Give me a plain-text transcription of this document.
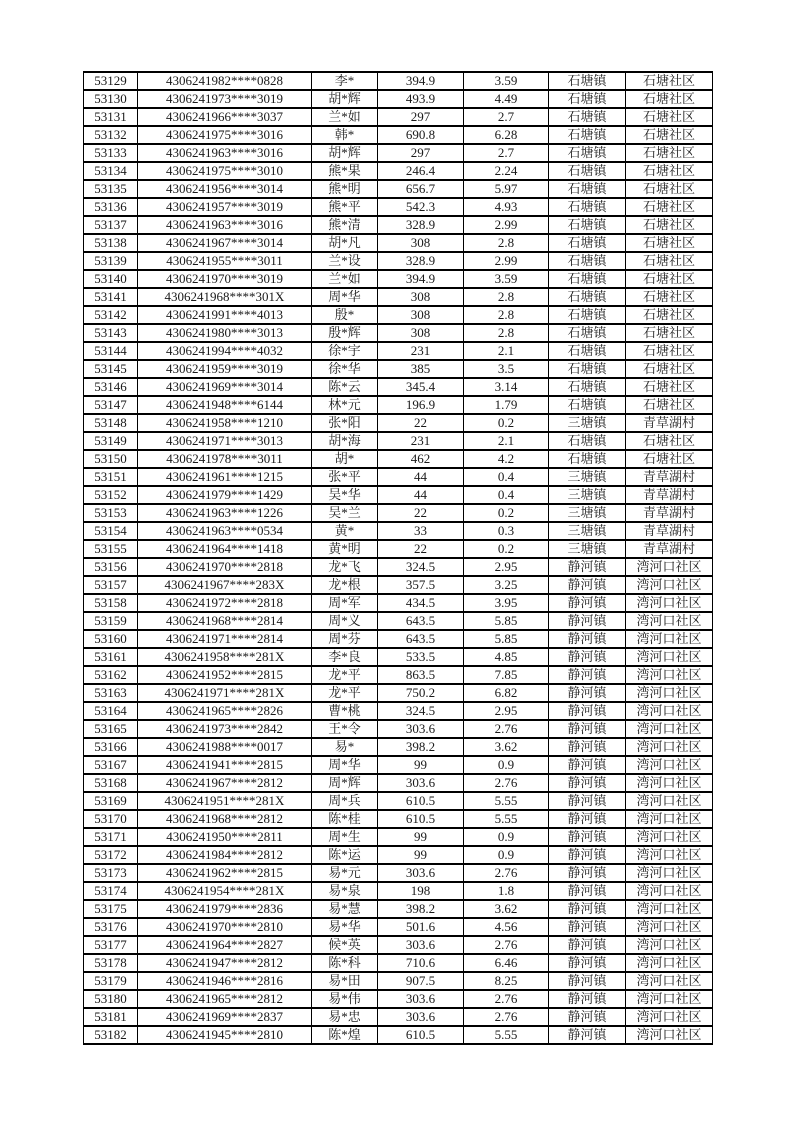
53129	4306241982****0828	李*	394.9	3.59	石塘镇	石塘社区
53130	4306241973****3019	胡*辉	493.9	4.49	石塘镇	石塘社区
53131	4306241966****3037	兰*如	297	2.7	石塘镇	石塘社区
53132	4306241975****3016	韩*	690.8	6.28	石塘镇	石塘社区
53133	4306241963****3016	胡*辉	297	2.7	石塘镇	石塘社区
53134	4306241975****3010	熊*果	246.4	2.24	石塘镇	石塘社区
53135	4306241956****3014	熊*明	656.7	5.97	石塘镇	石塘社区
53136	4306241957****3019	熊*平	542.3	4.93	石塘镇	石塘社区
53137	4306241963****3016	熊*清	328.9	2.99	石塘镇	石塘社区
53138	4306241967****3014	胡*凡	308	2.8	石塘镇	石塘社区
53139	4306241955****3011	兰*设	328.9	2.99	石塘镇	石塘社区
53140	4306241970****3019	兰*如	394.9	3.59	石塘镇	石塘社区
53141	4306241968****301X	周*华	308	2.8	石塘镇	石塘社区
53142	4306241991****4013	殷*	308	2.8	石塘镇	石塘社区
53143	4306241980****3013	殷*辉	308	2.8	石塘镇	石塘社区
53144	4306241994****4032	徐*宇	231	2.1	石塘镇	石塘社区
53145	4306241959****3019	徐*华	385	3.5	石塘镇	石塘社区
53146	4306241969****3014	陈*云	345.4	3.14	石塘镇	石塘社区
53147	4306241948****6144	林*元	196.9	1.79	石塘镇	石塘社区
53148	4306241958****1210	张*阳	22	0.2	三塘镇	青草湖村
53149	4306241971****3013	胡*海	231	2.1	石塘镇	石塘社区
53150	4306241978****3011	胡*	462	4.2	石塘镇	石塘社区
53151	4306241961****1215	张*平	44	0.4	三塘镇	青草湖村
53152	4306241979****1429	吴*华	44	0.4	三塘镇	青草湖村
53153	4306241963****1226	吴*兰	22	0.2	三塘镇	青草湖村
53154	4306241963****0534	黄*	33	0.3	三塘镇	青草湖村
53155	4306241964****1418	黄*明	22	0.2	三塘镇	青草湖村
53156	4306241970****2818	龙*飞	324.5	2.95	静河镇	湾河口社区
53157	4306241967****283X	龙*根	357.5	3.25	静河镇	湾河口社区
53158	4306241972****2818	周*军	434.5	3.95	静河镇	湾河口社区
53159	4306241968****2814	周*义	643.5	5.85	静河镇	湾河口社区
53160	4306241971****2814	周*芬	643.5	5.85	静河镇	湾河口社区
53161	4306241958****281X	李*良	533.5	4.85	静河镇	湾河口社区
53162	4306241952****2815	龙*平	863.5	7.85	静河镇	湾河口社区
53163	4306241971****281X	龙*平	750.2	6.82	静河镇	湾河口社区
53164	4306241965****2826	曹*桃	324.5	2.95	静河镇	湾河口社区
53165	4306241973****2842	王*令	303.6	2.76	静河镇	湾河口社区
53166	4306241988****0017	易*	398.2	3.62	静河镇	湾河口社区
53167	4306241941****2815	周*华	99	0.9	静河镇	湾河口社区
53168	4306241967****2812	周*辉	303.6	2.76	静河镇	湾河口社区
53169	4306241951****281X	周*兵	610.5	5.55	静河镇	湾河口社区
53170	4306241968****2812	陈*桂	610.5	5.55	静河镇	湾河口社区
53171	4306241950****2811	周*生	99	0.9	静河镇	湾河口社区
53172	4306241984****2812	陈*运	99	0.9	静河镇	湾河口社区
53173	4306241962****2815	易*元	303.6	2.76	静河镇	湾河口社区
53174	4306241954****281X	易*泉	198	1.8	静河镇	湾河口社区
53175	4306241979****2836	易*慧	398.2	3.62	静河镇	湾河口社区
53176	4306241970****2810	易*华	501.6	4.56	静河镇	湾河口社区
53177	4306241964****2827	候*英	303.6	2.76	静河镇	湾河口社区
53178	4306241947****2812	陈*科	710.6	6.46	静河镇	湾河口社区
53179	4306241946****2816	易*田	907.5	8.25	静河镇	湾河口社区
53180	4306241965****2812	易*伟	303.6	2.76	静河镇	湾河口社区
53181	4306241969****2837	易*忠	303.6	2.76	静河镇	湾河口社区
53182	4306241945****2810	陈*煌	610.5	5.55	静河镇	湾河口社区
